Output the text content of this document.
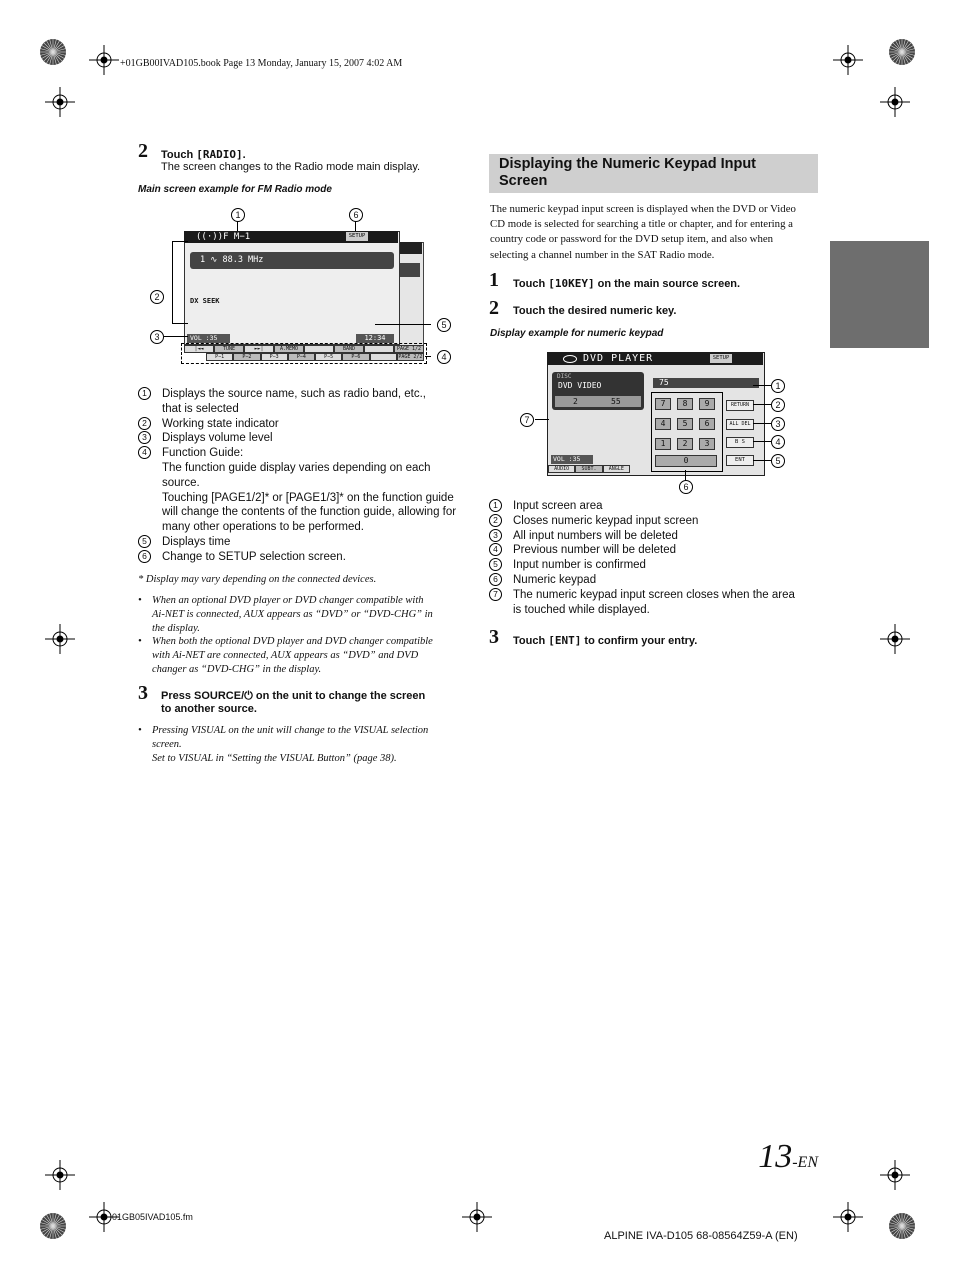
+01GB00IVAD105.book Page 13 Monday, January 15, 2007 4:02 AM
2 Touch [RADIO].
The screen changes to the Radio mode main display.
Main screen example for FM Radio mode
((·))F M−1	SETUP
1 ∿ 88.3 MHz
DX SEEK
VOL :35	12:34
|◄◄	TUNE	►►|	A.MEMO	BAND	PAGE 1/2
P−1	P−2	P−3	P−4	P−5	P−6	PAGE 2/2
1	6
2
3
5
4
1	Displays the source name, such as radio band, etc.,
that is selected
2	Working state indicator
3	Displays volume level
4	Function Guide:
The function guide display varies depending on each
source.
Touching [PAGE1/2]* or [PAGE1/3]* on the function guide
will change the contents of the function guide, allowing for
many other operations to be performed.
5	Displays time
6	Change to SETUP selection screen.
* Display may vary depending on the connected devices.
• When an optional DVD player or DVD changer compatible with
Ai-NET is connected, AUX appears as “DVD” or “DVD-CHG” in
the display.
• When both the optional DVD player and DVD changer compatible
with Ai-NET are connected, AUX appears as “DVD” and DVD
changer as “DVD-CHG” in the display.
3 Press SOURCE/⏻ on the unit to change the screen
to another source.
• Pressing VISUAL on the unit will change to the VISUAL selection
screen.
Set to VISUAL in “Setting the VISUAL Button” (page 38).
Displaying the Numeric Keypad Input
Screen
The numeric keypad input screen is displayed when the DVD or Video
CD mode is selected for searching a title or chapter, and for entering a
country code or password for the DVD setup item, and also when
selecting a channel number in the SAT Radio mode.
1 Touch [10KEY] on the main source screen.
2 Touch the desired numeric key.
Display example for numeric keypad
DVD PLAYER	SETUP
DISC
DVD VIDEO
2	55
VOL :35
AUDIO	SUBT.	ANGLE
75
7	8	9
4	5	6
1	2	3
0
RETURN
ALL DEL
B S
ENT
1
2
3
4
5
6
7
1	Input screen area
2	Closes numeric keypad input screen
3	All input numbers will be deleted
4	Previous number will be deleted
5	Input number is confirmed
6	Numeric keypad
7	The numeric keypad input screen closes when the area
is touched while displayed.
3 Touch [ENT] to confirm your entry.
13-EN
01GB05IVAD105.fm
ALPINE IVA-D105 68-08564Z59-A (EN)
